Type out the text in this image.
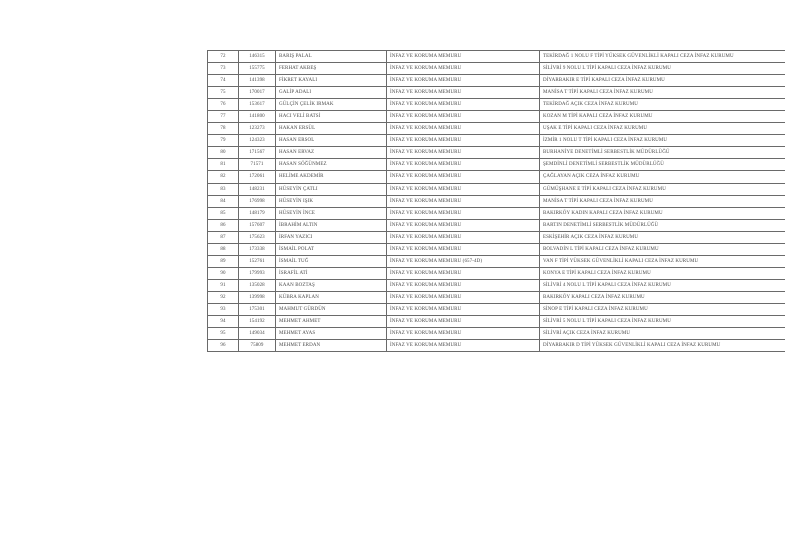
72	146315	BARIŞ PALAL	İNFAZ VE KORUMA MEMURU	TEKİRDAĞ 1 NOLU F TİPİ YÜKSEK GÜVENLİKLİ KAPALI CEZA İNFAZ KURUMU
73	155775	FERHAT AKBEŞ	İNFAZ VE KORUMA MEMURU	SİLİVRİ 9 NOLU L TİPİ KAPALI CEZA İNFAZ KURUMU
74	141398	FİKRET KAYALI	İNFAZ VE KORUMA MEMURU	DİYARBAKIR E TİPİ KAPALI CEZA İNFAZ KURUMU
75	170017	GALİP ADALI	İNFAZ VE KORUMA MEMURU	MANİSA T TİPİ KAPALI CEZA İNFAZ KURUMU
76	153617	GÜLÇİN ÇELİK IRMAK	İNFAZ VE KORUMA MEMURU	TEKİRDAĞ AÇIK CEZA İNFAZ KURUMU
77	141800	HACI VELİ BATSİ	İNFAZ VE KORUMA MEMURU	KOZAN M TİPİ KAPALI CEZA İNFAZ KURUMU
78	123273	HAKAN ERSÜL	İNFAZ VE KORUMA MEMURU	UŞAK E TİPİ KAPALI CEZA İNFAZ KURUMU
79	124323	HASAN ERSOL	İNFAZ VE KORUMA MEMURU	İZMİR 1 NOLU T TİPİ KAPALI CEZA İNFAZ KURUMU
80	171567	HASAN ERVAZ	İNFAZ VE KORUMA MEMURU	BURHANİYE DENETİMLİ SERBESTLİK MÜDÜRLÜĞÜ
81	71571	HASAN SÖĞÜNMEZ	İNFAZ VE KORUMA MEMURU	ŞEMDİNLİ DENETİMLİ SERBESTLİK MÜDÜRLÜĞÜ
82	172061	HELİME AKDEMİR	İNFAZ VE KORUMA MEMURU	ÇAĞLAYAN AÇIK CEZA İNFAZ KURUMU
83	148231	HÜSEYİN ÇATLI	İNFAZ VE KORUMA MEMURU	GÜMÜŞHANE E TİPİ KAPALI CEZA İNFAZ KURUMU
84	176998	HÜSEYİN IŞIK	İNFAZ VE KORUMA MEMURU	MANİSA T TİPİ KAPALI CEZA İNFAZ KURUMU
85	148179	HÜSEYİN İNCE	İNFAZ VE KORUMA MEMURU	BAKIRKÖY KADIN KAPALI CEZA İNFAZ KURUMU
86	157607	İBRAHİM ALTIN	İNFAZ VE KORUMA MEMURU	BARTIN DENETİMLİ SERBESTLİK MÜDÜRLÜĞÜ
87	175623	İRFAN YAZICI	İNFAZ VE KORUMA MEMURU	ESKİŞEHİR AÇIK CEZA İNFAZ KURUMU
88	173338	İSMAİL POLAT	İNFAZ VE KORUMA MEMURU	BOLVADİN L TİPİ KAPALI CEZA İNFAZ KURUMU
89	152761	İSMAİL TUĞ	İNFAZ VE KORUMA MEMURU (657-4D)	VAN F TİPİ YÜKSEK GÜVENLİKLİ KAPALI CEZA İNFAZ KURUMU
90	179993	İSRAFİL ATİ	İNFAZ VE KORUMA MEMURU	KONYA E TİPİ KAPALI CEZA İNFAZ KURUMU
91	135028	KAAN BOZTAŞ	İNFAZ VE KORUMA MEMURU	SİLİVRİ 4 NOLU L TİPİ KAPALI CEZA İNFAZ KURUMU
92	139998	KÜBRA KAPLAN	İNFAZ VE KORUMA MEMURU	BAKIRKÖY KAPALI CEZA İNFAZ KURUMU
93	175301	MAHMUT GÜRDÜN	İNFAZ VE KORUMA MEMURU	SİNOP E TİPİ KAPALI CEZA İNFAZ KURUMU
94	154192	MEHMET AHMET	İNFAZ VE KORUMA MEMURU	SİLİVRİ 5 NOLU L TİPİ KAPALI CEZA İNFAZ KURUMU
95	149034	MEHMET AYAS	İNFAZ VE KORUMA MEMURU	SİLİVRİ AÇIK CEZA İNFAZ KURUMU
96	75809	MEHMET ERDAN	İNFAZ VE KORUMA MEMURU	DİYARBAKIR D TİPİ YÜKSEK GÜVENLİKLİ KAPALI CEZA İNFAZ KURUMU
